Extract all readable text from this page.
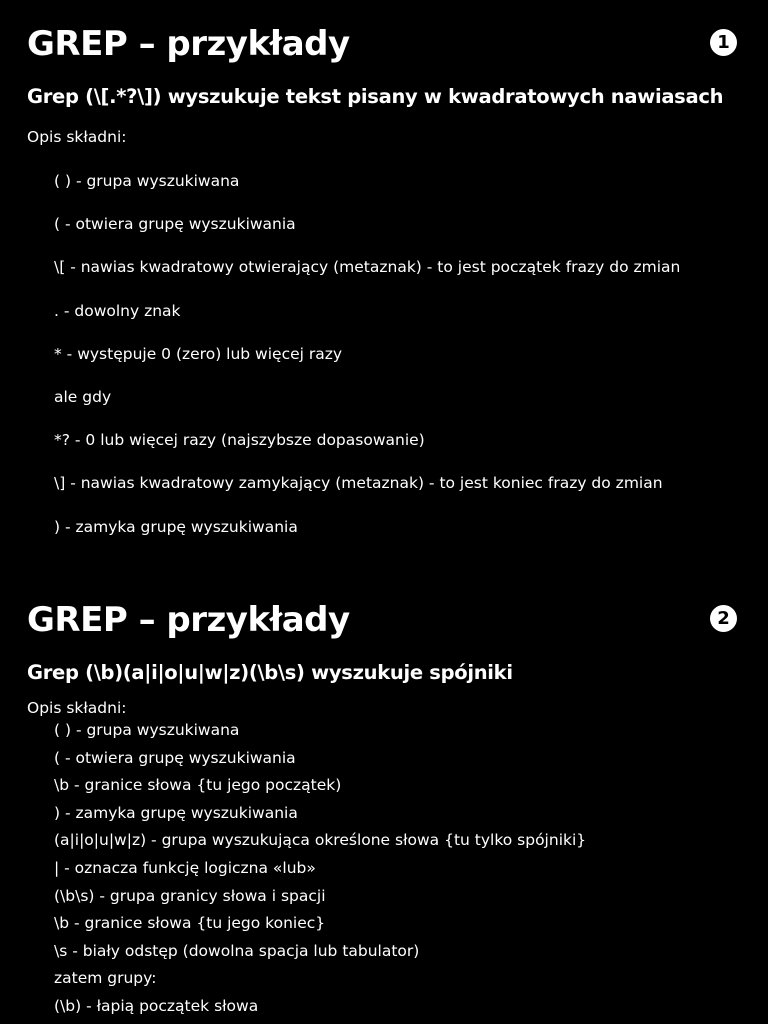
GREP – przykłady	1
Grep (\[.*?\]) wyszukuje tekst pisany w kwadratowych nawiasach
Opis składni:
( ) - grupa wyszukiwana
( - otwiera grupę wyszukiwania
\[ - nawias kwadratowy otwierający (metaznak) - to jest początek frazy do zmian
. - dowolny znak
* - występuje 0 (zero) lub więcej razy
ale gdy
*? - 0 lub więcej razy (najszybsze dopasowanie)
\] - nawias kwadratowy zamykający (metaznak) - to jest koniec frazy do zmian
) - zamyka grupę wyszukiwania
GREP – przykłady	2
Grep (\b)(a|i|o|u|w|z)(\b\s) wyszukuje spójniki
Opis składni:
( ) - grupa wyszukiwana
( - otwiera grupę wyszukiwania
\b - granice słowa {tu jego początek)
) - zamyka grupę wyszukiwania
(a|i|o|u|w|z) - grupa wyszukująca określone słowa {tu tylko spójniki}
| - oznacza funkcję logiczna «lub»
(\b\s) - grupa granicy słowa i spacji
\b - granice słowa {tu jego koniec}
\s - biały odstęp (dowolna spacja lub tabulator)
zatem grupy:
(\b) - łapią początek słowa
